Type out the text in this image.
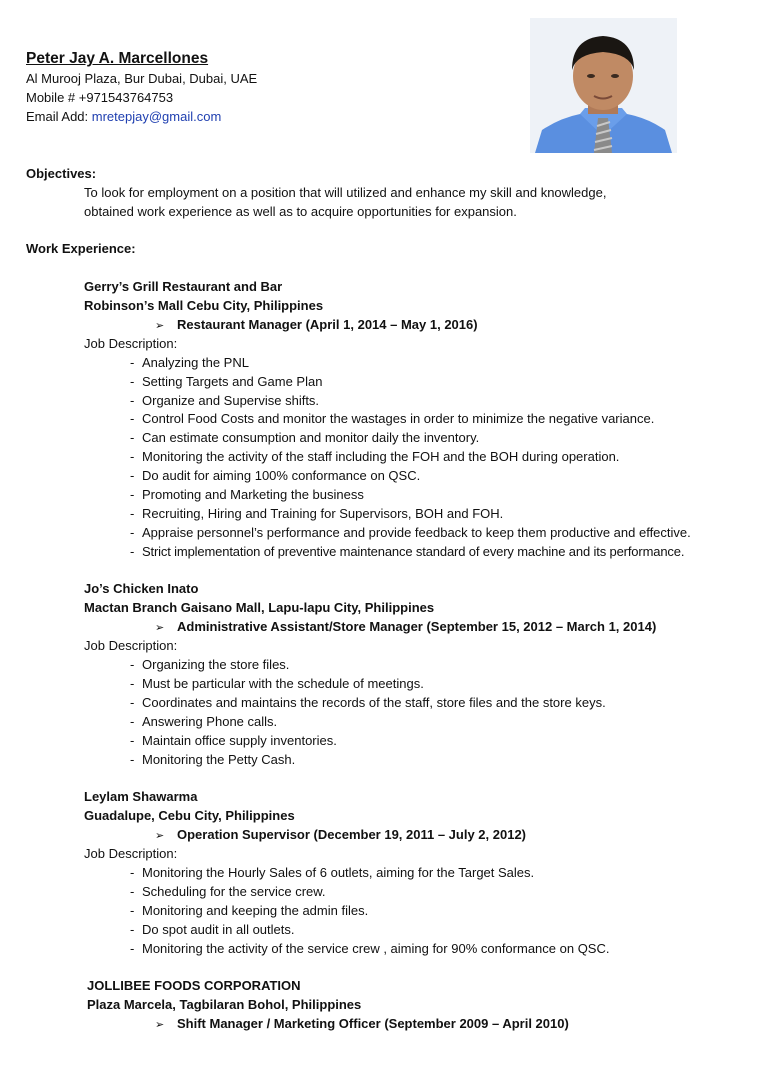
Peter Jay A. Marcellones
Al Murooj Plaza, Bur Dubai, Dubai, UAE
Mobile # +971543764753
Email Add: mretepjay@gmail.com
Objectives:
To look for employment on a position that will utilized and enhance my skill and knowledge,
obtained work experience as well as to acquire opportunities for expansion.
Work Experience:
Gerry’s Grill Restaurant and Bar
Robinson’s Mall Cebu City, Philippines
➢ Restaurant Manager (April 1, 2014 – May 1, 2016)
Job Description:
- Analyzing the PNL
- Setting Targets and Game Plan
- Organize and Supervise shifts.
- Control Food Costs and monitor the wastages in order to minimize the negative variance.
- Can estimate consumption and monitor daily the inventory.
- Monitoring the activity of the staff including the FOH and the BOH during operation.
- Do audit for aiming 100% conformance on QSC.
- Promoting and Marketing the business
- Recruiting, Hiring and Training for Supervisors, BOH and FOH.
- Appraise personnel’s performance and provide feedback to keep them productive and effective.
- Strict implementation of preventive maintenance standard of every machine and its performance.
Jo’s Chicken Inato
Mactan Branch Gaisano Mall, Lapu-lapu City, Philippines
➢ Administrative Assistant/Store Manager (September 15, 2012 – March 1, 2014)
Job Description:
- Organizing the store files.
- Must be particular with the schedule of meetings.
- Coordinates and maintains the records of the staff, store files and the store keys.
- Answering Phone calls.
- Maintain office supply inventories.
- Monitoring the Petty Cash.
Leylam Shawarma
Guadalupe, Cebu City, Philippines
➢ Operation Supervisor (December 19, 2011 – July 2, 2012)
Job Description:
- Monitoring the Hourly Sales of 6 outlets, aiming for the Target Sales.
- Scheduling for the service crew.
- Monitoring and keeping the admin files.
- Do spot audit in all outlets.
- Monitoring the activity of the service crew , aiming for 90% conformance on QSC.
JOLLIBEE FOODS CORPORATION
Plaza Marcela, Tagbilaran Bohol, Philippines
➢ Shift Manager / Marketing Officer (September 2009 – April 2010)
